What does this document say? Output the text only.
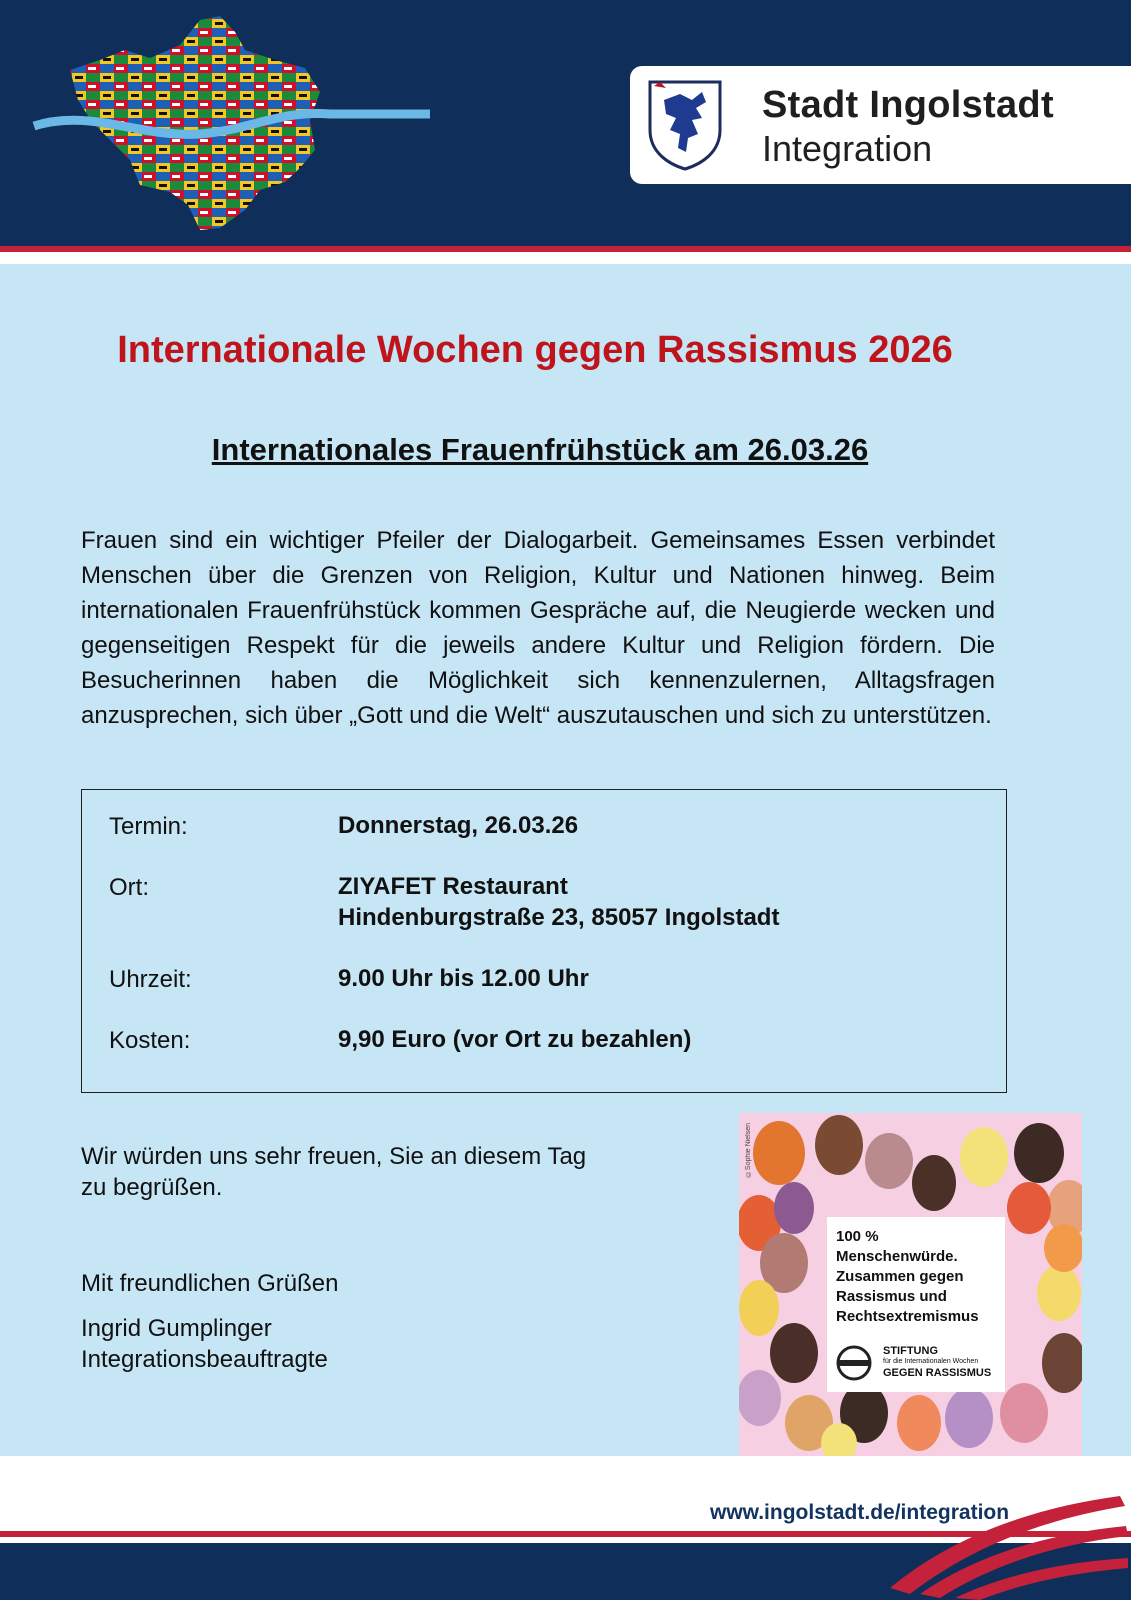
Stadt Ingolstadt
Integration
Internationale Wochen gegen Rassismus 2026
Internationales Frauenfrühstück am 26.03.26
Frauen sind ein wichtiger Pfeiler der Dialogarbeit. Gemeinsames Essen verbindet Menschen über die Grenzen von Religion, Kultur und Nationen hinweg. Beim internationalen Frauenfrühstück kommen Gespräche auf, die Neugierde wecken und gegenseitigen Respekt für die jeweils andere Kultur und Religion fördern. Die Besucherinnen haben die Möglichkeit sich kennenzulernen, Alltagsfragen anzusprechen, sich über „Gott und die Welt“ auszutauschen und sich zu unterstützen.
Termin:	Donnerstag, 26.03.26
Ort:	ZIYAFET Restaurant
Hindenburgstraße 23, 85057 Ingolstadt
Uhrzeit:	9.00 Uhr bis 12.00 Uhr
Kosten:	9,90 Euro (vor Ort zu bezahlen)
Wir würden uns sehr freuen, Sie an diesem Tag
zu begrüßen.
Mit freundlichen Grüßen
Ingrid Gumplinger
Integrationsbeauftragte
©Sophie Nielsen
100 %
Menschenwürde.
Zusammen gegen
Rassismus und
Rechtsextremismus
STIFTUNG
für die Internationalen Wochen
GEGEN RASSISMUS
www.ingolstadt.de/integration
